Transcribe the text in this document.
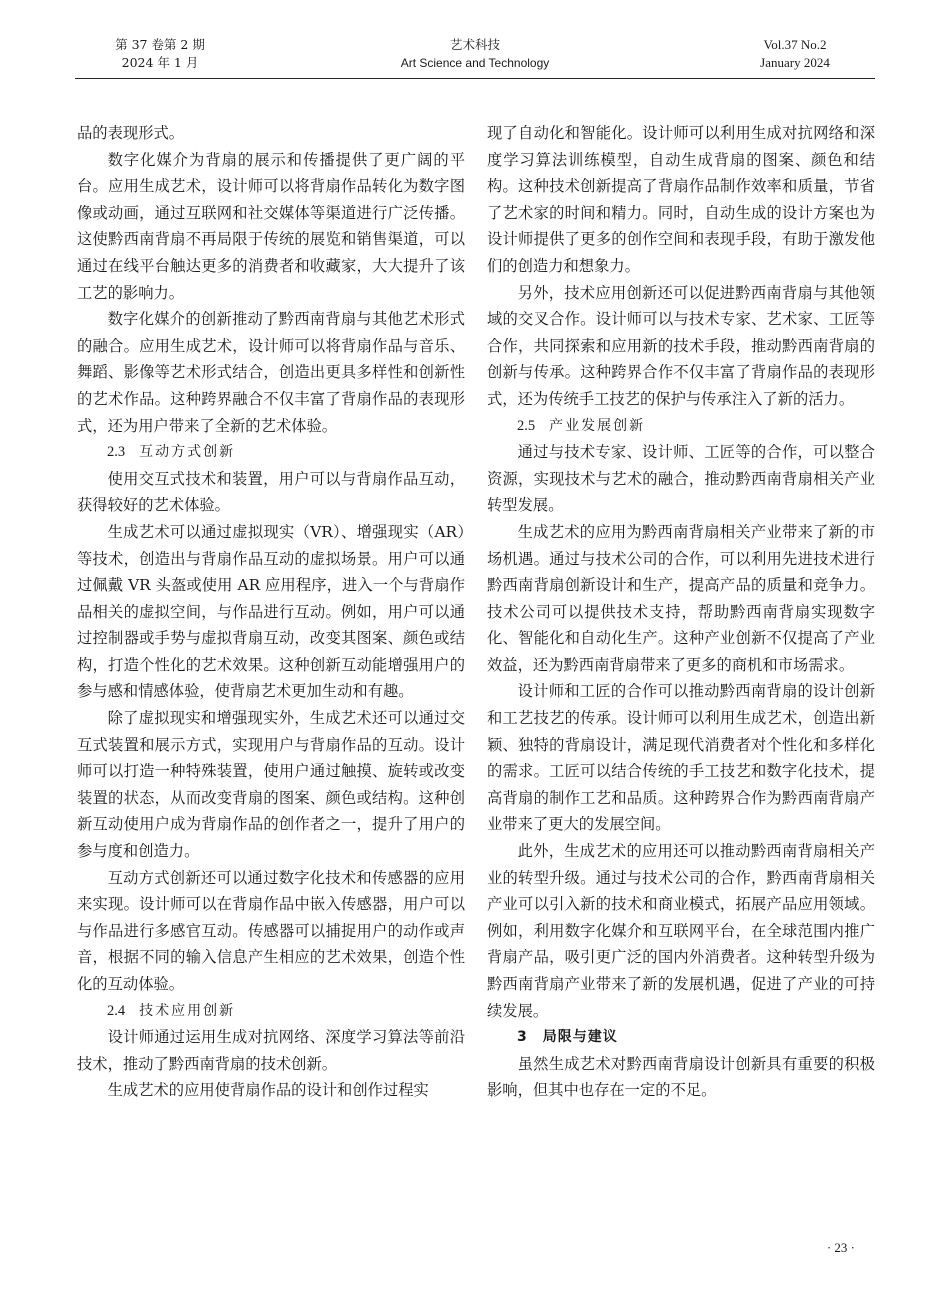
第 37 卷第 2 期
2024 年 1 月
艺术科技
Art Science and Technology
Vol.37 No.2
January 2024

品的表现形式。

数字化媒介为背扇的展示和传播提供了更广阔的平台。应用生成艺术，设计师可以将背扇作品转化为数字图像或动画，通过互联网和社交媒体等渠道进行广泛传播。这使黔西南背扇不再局限于传统的展览和销售渠道，可以通过在线平台触达更多的消费者和收藏家，大大提升了该工艺的影响力。

数字化媒介的创新推动了黔西南背扇与其他艺术形式的融合。应用生成艺术，设计师可以将背扇作品与音乐、舞蹈、影像等艺术形式结合，创造出更具多样性和创新性的艺术作品。这种跨界融合不仅丰富了背扇作品的表现形式，还为用户带来了全新的艺术体验。

2.3 互动方式创新

使用交互式技术和装置，用户可以与背扇作品互动，获得较好的艺术体验。

生成艺术可以通过虚拟现实（VR）、增强现实（AR）等技术，创造出与背扇作品互动的虚拟场景。用户可以通过佩戴 VR 头盔或使用 AR 应用程序，进入一个与背扇作品相关的虚拟空间，与作品进行互动。例如，用户可以通过控制器或手势与虚拟背扇互动，改变其图案、颜色或结构，打造个性化的艺术效果。这种创新互动能增强用户的参与感和情感体验，使背扇艺术更加生动和有趣。

除了虚拟现实和增强现实外，生成艺术还可以通过交互式装置和展示方式，实现用户与背扇作品的互动。设计师可以打造一种特殊装置，使用户通过触摸、旋转或改变装置的状态，从而改变背扇的图案、颜色或结构。这种创新互动使用户成为背扇作品的创作者之一，提升了用户的参与度和创造力。

互动方式创新还可以通过数字化技术和传感器的应用来实现。设计师可以在背扇作品中嵌入传感器，用户可以与作品进行多感官互动。传感器可以捕捉用户的动作或声音，根据不同的输入信息产生相应的艺术效果，创造个性化的互动体验。

2.4 技术应用创新

设计师通过运用生成对抗网络、深度学习算法等前沿技术，推动了黔西南背扇的技术创新。

生成艺术的应用使背扇作品的设计和创作过程实

现了自动化和智能化。设计师可以利用生成对抗网络和深度学习算法训练模型，自动生成背扇的图案、颜色和结构。这种技术创新提高了背扇作品制作效率和质量，节省了艺术家的时间和精力。同时，自动生成的设计方案也为设计师提供了更多的创作空间和表现手段，有助于激发他们的创造力和想象力。

另外，技术应用创新还可以促进黔西南背扇与其他领域的交叉合作。设计师可以与技术专家、艺术家、工匠等合作，共同探索和应用新的技术手段，推动黔西南背扇的创新与传承。这种跨界合作不仅丰富了背扇作品的表现形式，还为传统手工技艺的保护与传承注入了新的活力。

2.5 产业发展创新

通过与技术专家、设计师、工匠等的合作，可以整合资源，实现技术与艺术的融合，推动黔西南背扇相关产业转型发展。

生成艺术的应用为黔西南背扇相关产业带来了新的市场机遇。通过与技术公司的合作，可以利用先进技术进行黔西南背扇创新设计和生产，提高产品的质量和竞争力。技术公司可以提供技术支持，帮助黔西南背扇实现数字化、智能化和自动化生产。这种产业创新不仅提高了产业效益，还为黔西南背扇带来了更多的商机和市场需求。

设计师和工匠的合作可以推动黔西南背扇的设计创新和工艺技艺的传承。设计师可以利用生成艺术，创造出新颖、独特的背扇设计，满足现代消费者对个性化和多样化的需求。工匠可以结合传统的手工技艺和数字化技术，提高背扇的制作工艺和品质。这种跨界合作为黔西南背扇产业带来了更大的发展空间。

此外，生成艺术的应用还可以推动黔西南背扇相关产业的转型升级。通过与技术公司的合作，黔西南背扇相关产业可以引入新的技术和商业模式，拓展产品应用领域。例如，利用数字化媒介和互联网平台，在全球范围内推广背扇产品，吸引更广泛的国内外消费者。这种转型升级为黔西南背扇产业带来了新的发展机遇，促进了产业的可持续发展。

3 局限与建议

虽然生成艺术对黔西南背扇设计创新具有重要的积极影响，但其中也存在一定的不足。

· 23 ·
